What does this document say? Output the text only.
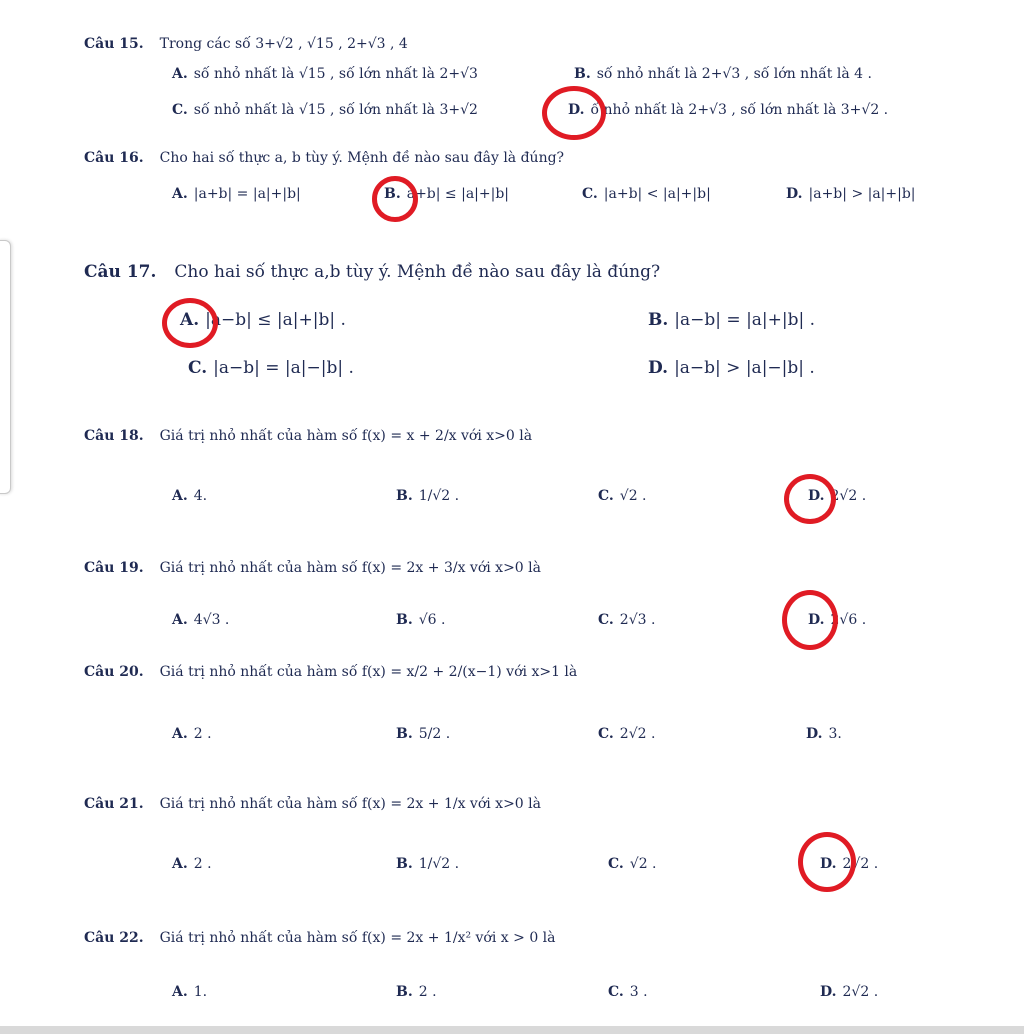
Câu 15. Trong các số 3+√2 , √15 , 2+√3 , 4
A. số nhỏ nhất là √15 , số lớn nhất là 2+√3	B. số nhỏ nhất là 2+√3 , số lớn nhất là 4 .
C. số nhỏ nhất là √15 , số lớn nhất là 3+√2	D. ố nhỏ nhất là 2+√3 , số lớn nhất là 3+√2 .
Câu 16. Cho hai số thực a, b tùy ý. Mệnh đề nào sau đây là đúng?
A. |a+b| = |a|+|b|	B. a+b| ≤ |a|+|b|	C. |a+b| < |a|+|b|	D. |a+b| > |a|+|b|
Câu 17. Cho hai số thực a,b tùy ý. Mệnh đề nào sau đây là đúng?
A. |a−b| ≤ |a|+|b| .	B. |a−b| = |a|+|b| .
C. |a−b| = |a|−|b| .	D. |a−b| > |a|−|b| .
Câu 18. Giá trị nhỏ nhất của hàm số f(x) = x + 2/x với x>0 là
A. 4.	B. 1/√2 .	C. √2 .	D. 2√2 .
Câu 19. Giá trị nhỏ nhất của hàm số f(x) = 2x + 3/x với x>0 là
A. 4√3 .	B. √6 .	C. 2√3 .	D. 2√6 .
Câu 20. Giá trị nhỏ nhất của hàm số f(x) = x/2 + 2/(x−1) với x>1 là
A. 2 .	B. 5/2 .	C. 2√2 .	D. 3.
Câu 21. Giá trị nhỏ nhất của hàm số f(x) = 2x + 1/x với x>0 là
A. 2 .	B. 1/√2 .	C. √2 .	D. 2√2 .
Câu 22. Giá trị nhỏ nhất của hàm số f(x) = 2x + 1/x² với x > 0 là
A. 1.	B. 2 .	C. 3 .	D. 2√2 .
